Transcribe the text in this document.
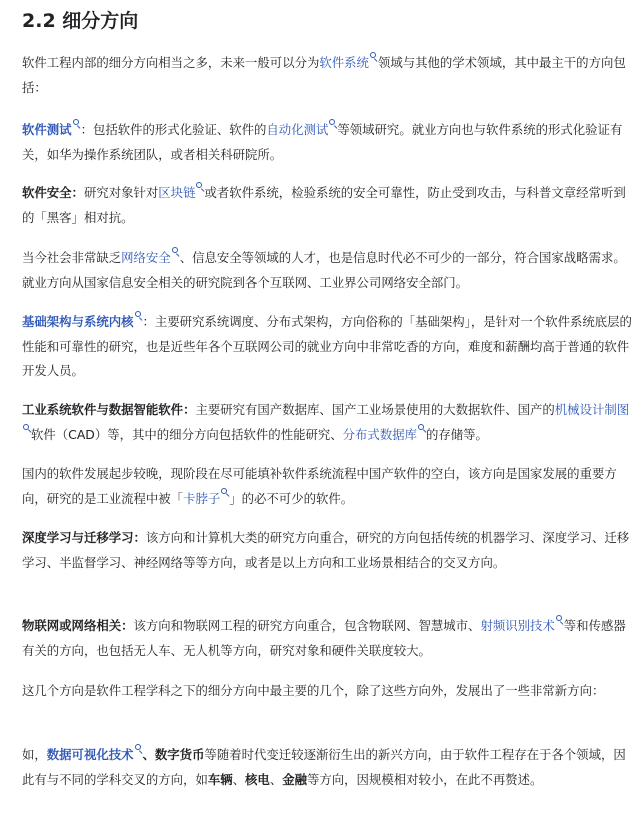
2.2 细分方向

软件工程内部的细分方向相当之多，未来一般可以分为软件系统 领域与其他的学术领域，其中最主干的方向包括：

软件测试 ：包括软件的形式化验证、软件的自动化测试 等领域研究。就业方向也与软件系统的形式化验证有关，如华为操作系统团队，或者相关科研院所。

软件安全：研究对象针对区块链 或者软件系统，检验系统的安全可靠性，防止受到攻击，与科普文章经常听到的「黑客」相对抗。

当今社会非常缺乏网络安全 、信息安全等领域的人才，也是信息时代必不可少的一部分，符合国家战略需求。就业方向从国家信息安全相关的研究院到各个互联网、工业界公司网络安全部门。

基础架构与系统内核 ：主要研究系统调度、分布式架构，方向俗称的「基础架构」，是针对一个软件系统底层的性能和可靠性的研究，也是近些年各个互联网公司的就业方向中非常吃香的方向，难度和薪酬均高于普通的软件开发人员。

工业系统软件与数据智能软件：主要研究有国产数据库、国产工业场景使用的大数据软件、国产的机械设计制图软件（CAD）等，其中的细分方向包括软件的性能研究、分布式数据库 的存储等。

国内的软件发展起步较晚，现阶段在尽可能填补软件系统流程中国产软件的空白，该方向是国家发展的重要方向，研究的是工业流程中被「卡脖子 」的必不可少的软件。

深度学习与迁移学习：该方向和计算机大类的研究方向重合，研究的方向包括传统的机器学习、深度学习、迁移学习、半监督学习、神经网络等等方向，或者是以上方向和工业场景相结合的交叉方向。

物联网或网络相关：该方向和物联网工程的研究方向重合，包含物联网、智慧城市、射频识别技术 等和传感器有关的方向，也包括无人车、无人机等方向，研究对象和硬件关联度较大。

这几个方向是软件工程学科之下的细分方向中最主要的几个，除了这些方向外，发展出了一些非常新方向：

如，数据可视化技术 、数字货币等随着时代变迁较逐渐衍生出的新兴方向，由于软件工程存在于各个领域，因此有与不同的学科交叉的方向，如车辆、核电、金融等方向，因规模相对较小，在此不再赘述。
